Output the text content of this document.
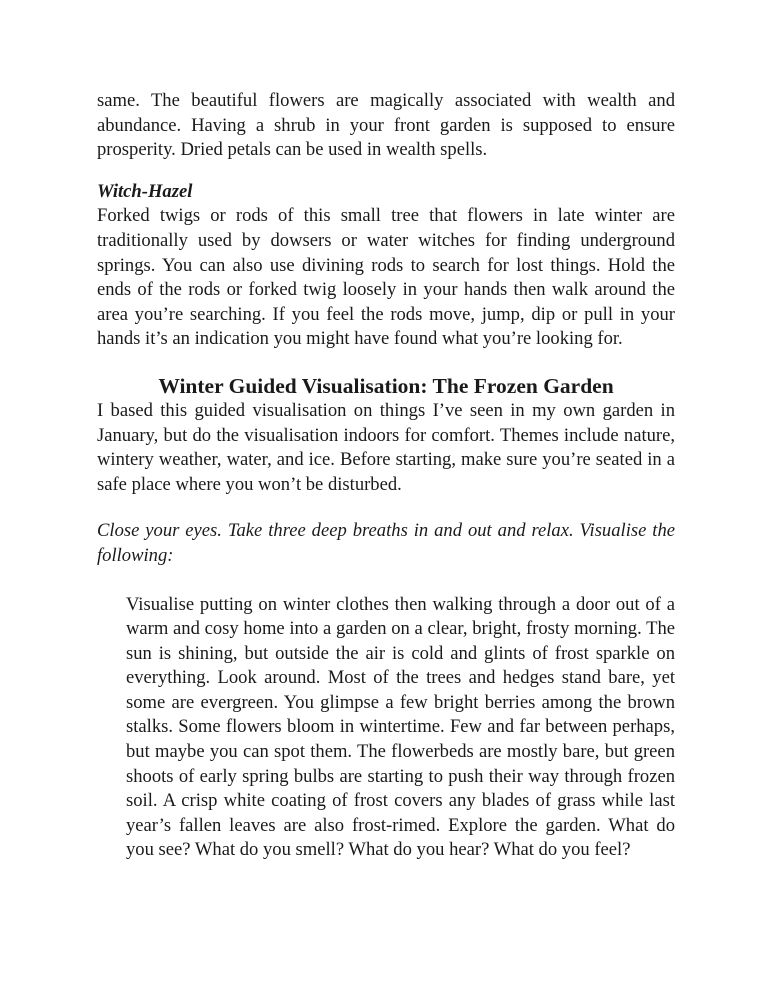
same. The beautiful flowers are magically associated with wealth and abundance. Having a shrub in your front garden is supposed to ensure prosperity. Dried petals can be used in wealth spells.

Witch-Hazel

Forked twigs or rods of this small tree that flowers in late winter are traditionally used by dowsers or water witches for finding underground springs. You can also use divining rods to search for lost things. Hold the ends of the rods or forked twig loosely in your hands then walk around the area you’re searching. If you feel the rods move, jump, dip or pull in your hands it’s an indication you might have found what you’re looking for.

Winter Guided Visualisation: The Frozen Garden

I based this guided visualisation on things I’ve seen in my own garden in January, but do the visualisation indoors for comfort. Themes include nature, wintery weather, water, and ice. Before starting, make sure you’re seated in a safe place where you won’t be disturbed.

Close your eyes. Take three deep breaths in and out and relax. Visualise the following:

Visualise putting on winter clothes then walking through a door out of a warm and cosy home into a garden on a clear, bright, frosty morning. The sun is shining, but outside the air is cold and glints of frost sparkle on everything. Look around. Most of the trees and hedges stand bare, yet some are evergreen. You glimpse a few bright berries among the brown stalks. Some flowers bloom in wintertime. Few and far between perhaps, but maybe you can spot them. The flowerbeds are mostly bare, but green shoots of early spring bulbs are starting to push their way through frozen soil. A crisp white coating of frost covers any blades of grass while last year’s fallen leaves are also frost-rimed. Explore the garden. What do you see? What do you smell? What do you hear? What do you feel?
